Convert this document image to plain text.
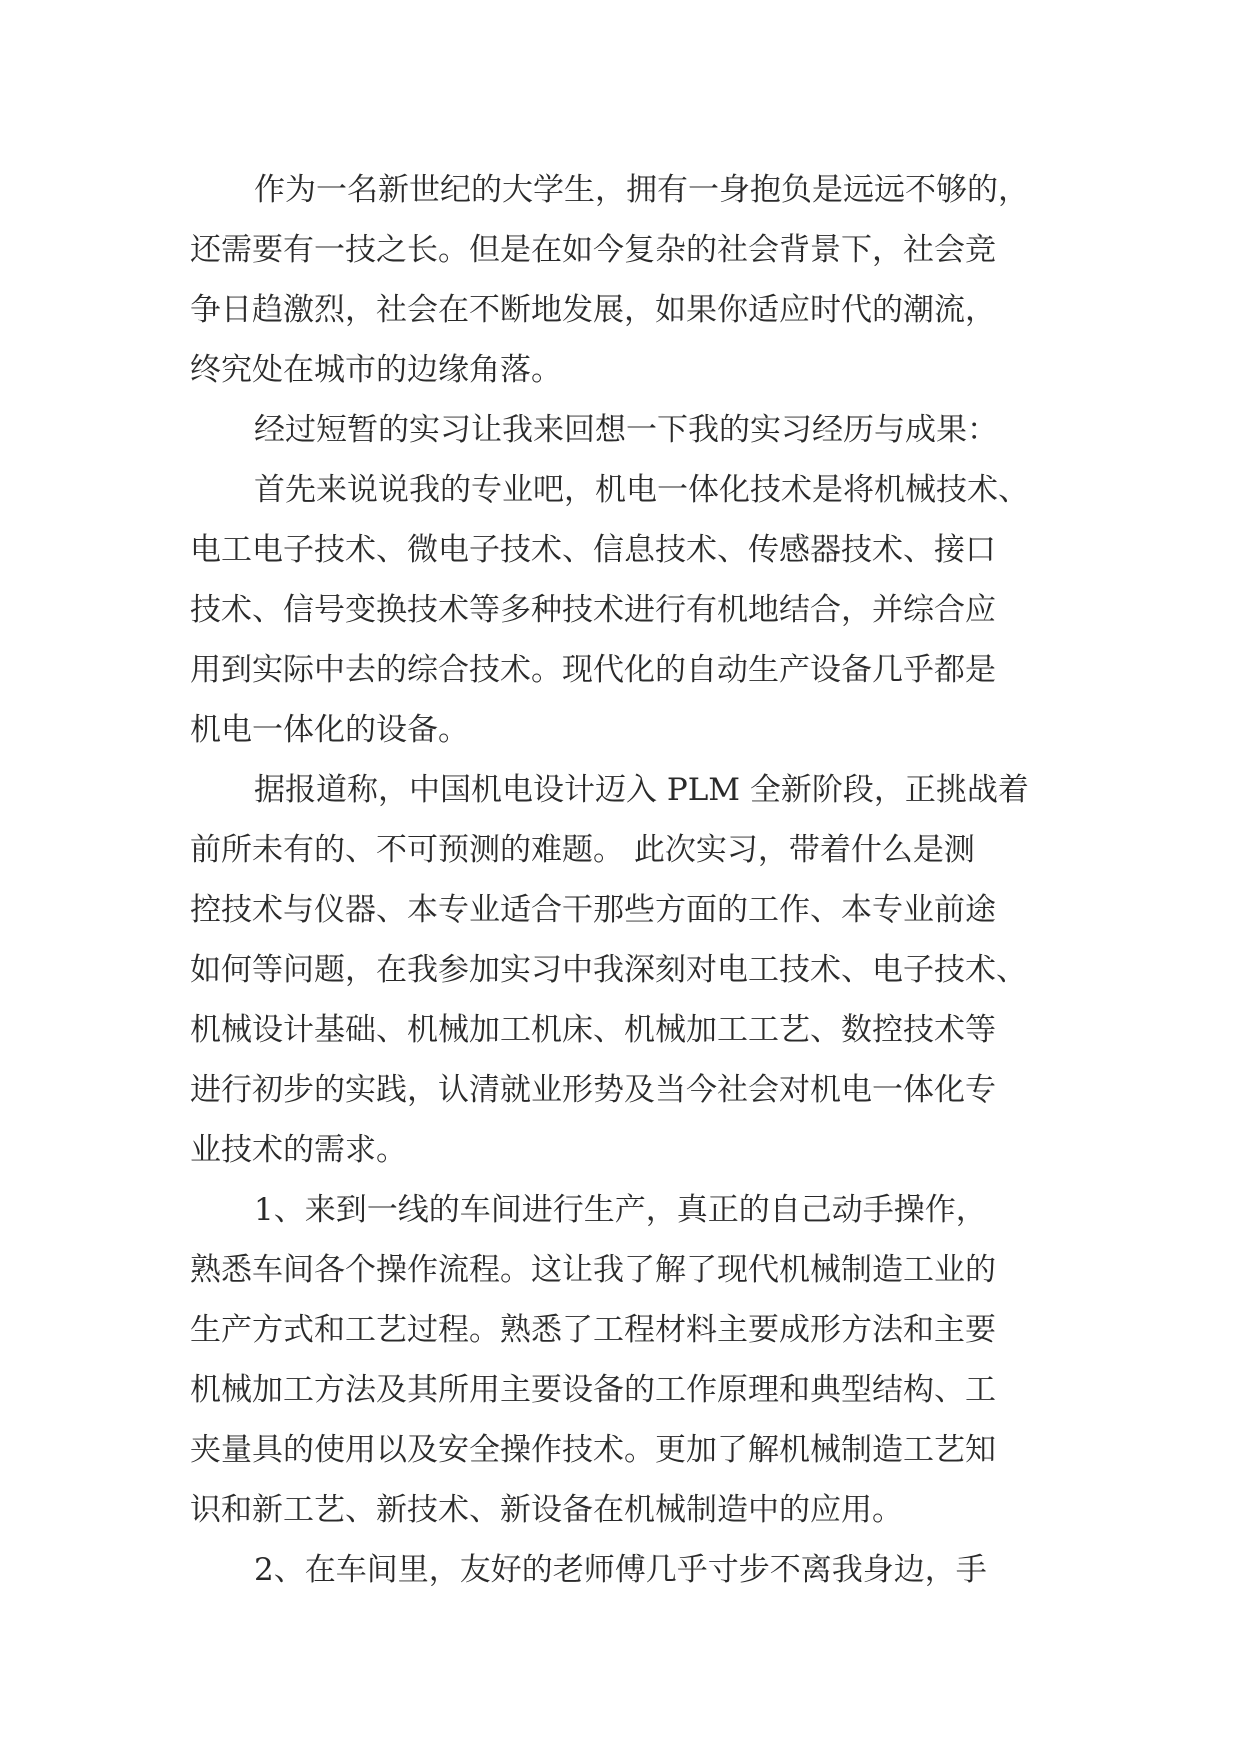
作为一名新世纪的大学生，拥有一身抱负是远远不够的，
还需要有一技之长。但是在如今复杂的社会背景下，社会竞
争日趋激烈，社会在不断地发展，如果你适应时代的潮流，
终究处在城市的边缘角落。
经过短暂的实习让我来回想一下我的实习经历与成果：
首先来说说我的专业吧，机电一体化技术是将机械技术、
电工电子技术、微电子技术、信息技术、传感器技术、接口
技术、信号变换技术等多种技术进行有机地结合，并综合应
用到实际中去的综合技术。现代化的自动生产设备几乎都是
机电一体化的设备。
据报道称，中国机电设计迈入 PLM 全新阶段，正挑战着
前所未有的、不可预测的难题。 此次实习，带着什么是测
控技术与仪器、本专业适合干那些方面的工作、本专业前途
如何等问题，在我参加实习中我深刻对电工技术、电子技术、
机械设计基础、机械加工机床、机械加工工艺、数控技术等
进行初步的实践，认清就业形势及当今社会对机电一体化专
业技术的需求。
1、来到一线的车间进行生产，真正的自己动手操作，
熟悉车间各个操作流程。这让我了解了现代机械制造工业的
生产方式和工艺过程。熟悉了工程材料主要成形方法和主要
机械加工方法及其所用主要设备的工作原理和典型结构、工
夹量具的使用以及安全操作技术。更加了解机械制造工艺知
识和新工艺、新技术、新设备在机械制造中的应用。
2、在车间里，友好的老师傅几乎寸步不离我身边，手
